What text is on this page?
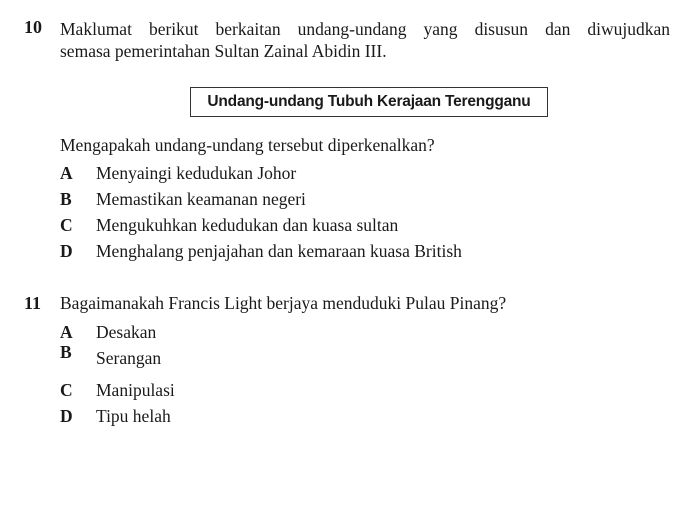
10 Maklumat berikut berkaitan undang-undang yang disusun dan diwujudkan
semasa pemerintahan Sultan Zainal Abidin III.
Undang-undang Tubuh Kerajaan Terengganu
Mengapakah undang-undang tersebut diperkenalkan?
A	Menyaingi kedudukan Johor
B	Memastikan keamanan negeri
C	Mengukuhkan kedudukan dan kuasa sultan
D	Menghalang penjajahan dan kemaraan kuasa British
11 Bagaimanakah Francis Light berjaya menduduki Pulau Pinang?
A	Desakan
B	Serangan
C	Manipulasi
D	Tipu helah
